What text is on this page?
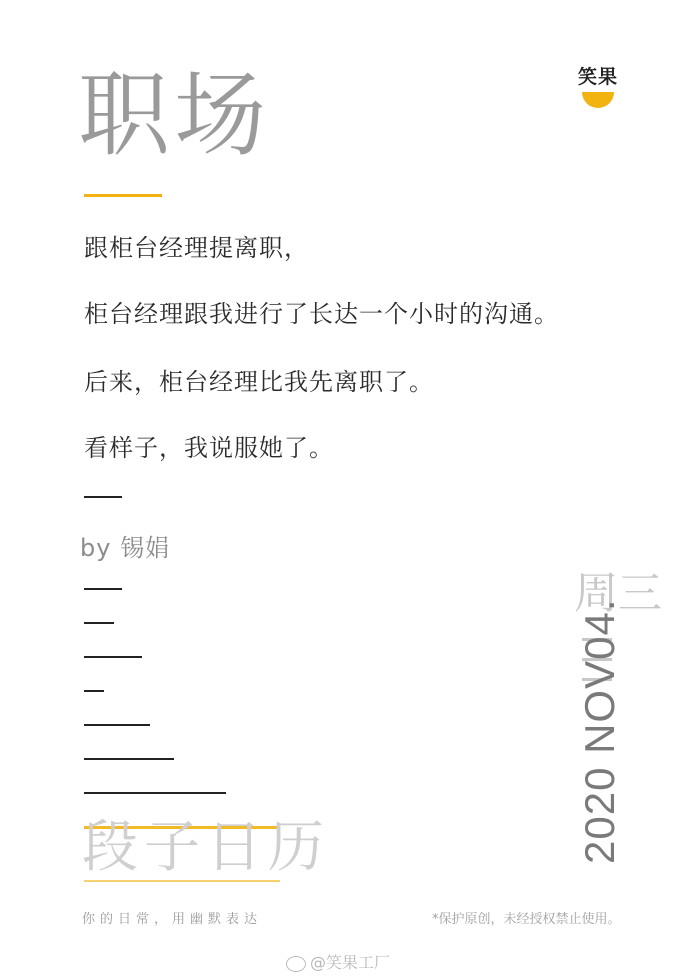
职场	笑果
跟柜台经理提离职，
柜台经理跟我进行了长达一个小时的沟通。
后来，柜台经理比我先离职了。
看样子，我说服她了。
by 锡娟
周三
2020 NOV04.
段子日历
你的日常，用幽默表达	*保护原创，未经授权禁止使用。
@笑果工厂
